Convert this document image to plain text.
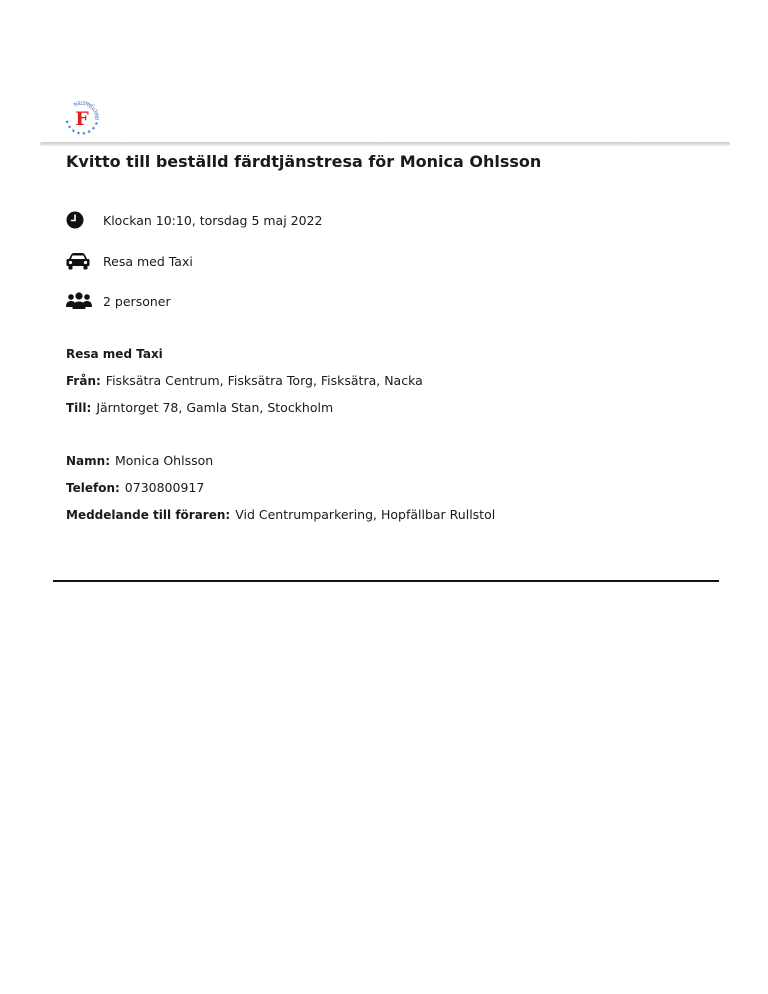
★ ★ ★ ★ ★ ★ ★ ★ FÄRDTJÄNSTEN
F
Kvitto till beställd färdtjänstresa för Monica Ohlsson
Klockan 10:10, torsdag 5 maj 2022
Resa med Taxi
2 personer
Resa med Taxi
Från: Fisksätra Centrum, Fisksätra Torg, Fisksätra, Nacka
Till: Järntorget 78, Gamla Stan, Stockholm
Namn: Monica Ohlsson
Telefon: 0730800917
Meddelande till föraren: Vid Centrumparkering, Hopfällbar Rullstol
